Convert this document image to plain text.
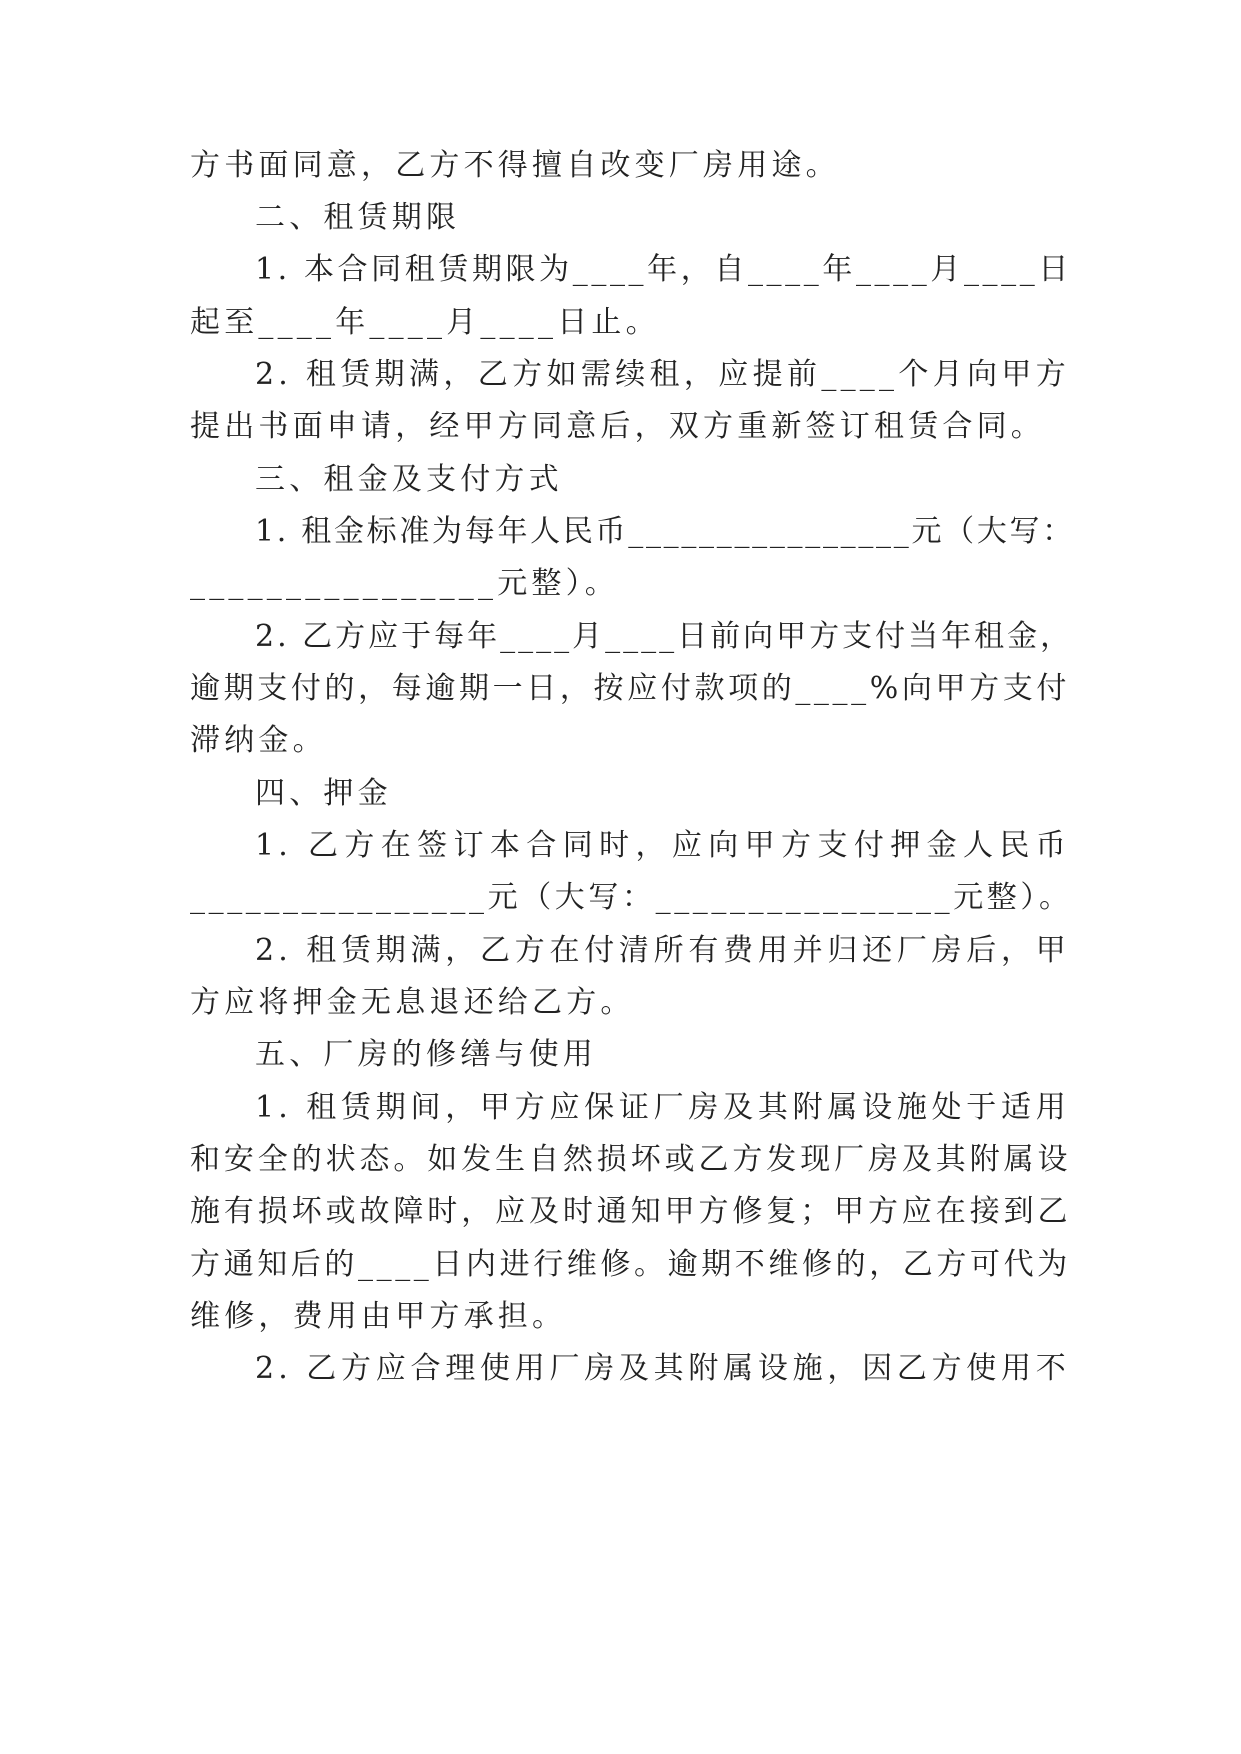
方书面同意，乙方不得擅自改变厂房用途。
二、租赁期限
1. 本合同租赁期限为____年，自____年____月____日
起至____年____月____日止。
2. 租赁期满，乙方如需续租，应提前____个月向甲方
提出书面申请，经甲方同意后，双方重新签订租赁合同。
三、租金及支付方式
1. 租金标准为每年人民币________________元（大写：
________________元整）。
2. 乙方应于每年____月____日前向甲方支付当年租金，
逾期支付的，每逾期一日，按应付款项的____%向甲方支付
滞纳金。
四、押金
1. 乙方在签订本合同时，应向甲方支付押金人民币
________________元（大写：________________元整）。
2. 租赁期满，乙方在付清所有费用并归还厂房后，甲
方应将押金无息退还给乙方。
五、厂房的修缮与使用
1. 租赁期间，甲方应保证厂房及其附属设施处于适用
和安全的状态。如发生自然损坏或乙方发现厂房及其附属设
施有损坏或故障时，应及时通知甲方修复；甲方应在接到乙
方通知后的____日内进行维修。逾期不维修的，乙方可代为
维修，费用由甲方承担。
2. 乙方应合理使用厂房及其附属设施，因乙方使用不
